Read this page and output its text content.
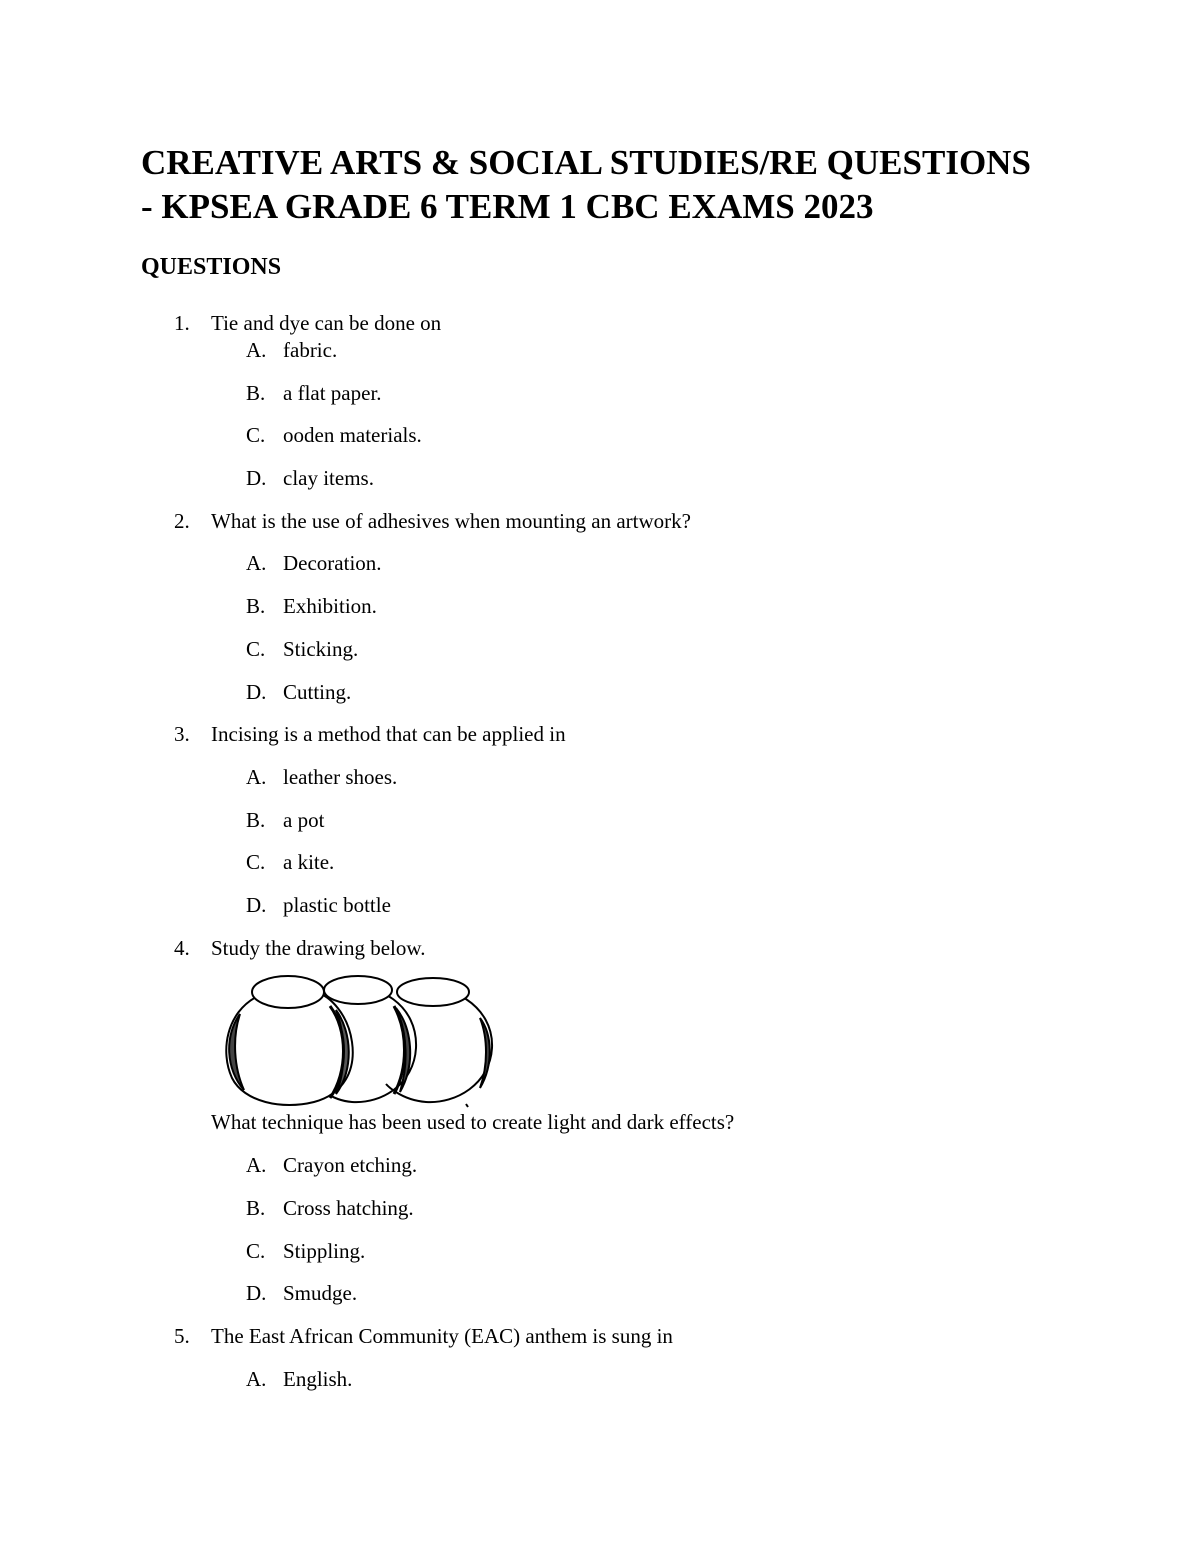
CREATIVE ARTS & SOCIAL STUDIES/RE QUESTIONS
- KPSEA GRADE 6 TERM 1 CBC EXAMS 2023
QUESTIONS
1.	Tie and dye can be done on
A. fabric.
B. a flat paper.
C. ooden materials.
D. clay items.
2.	What is the use of adhesives when mounting an artwork?
A. Decoration.
B. Exhibition.
C. Sticking.
D. Cutting.
3.	Incising is a method that can be applied in
A. leather shoes.
B. a pot
C. a kite.
D. plastic bottle
4.	Study the drawing below.
What technique has been used to create light and dark effects?
A. Crayon etching.
B. Cross hatching.
C. Stippling.
D. Smudge.
5.	The East African Community (EAC) anthem is sung in
A. English.
